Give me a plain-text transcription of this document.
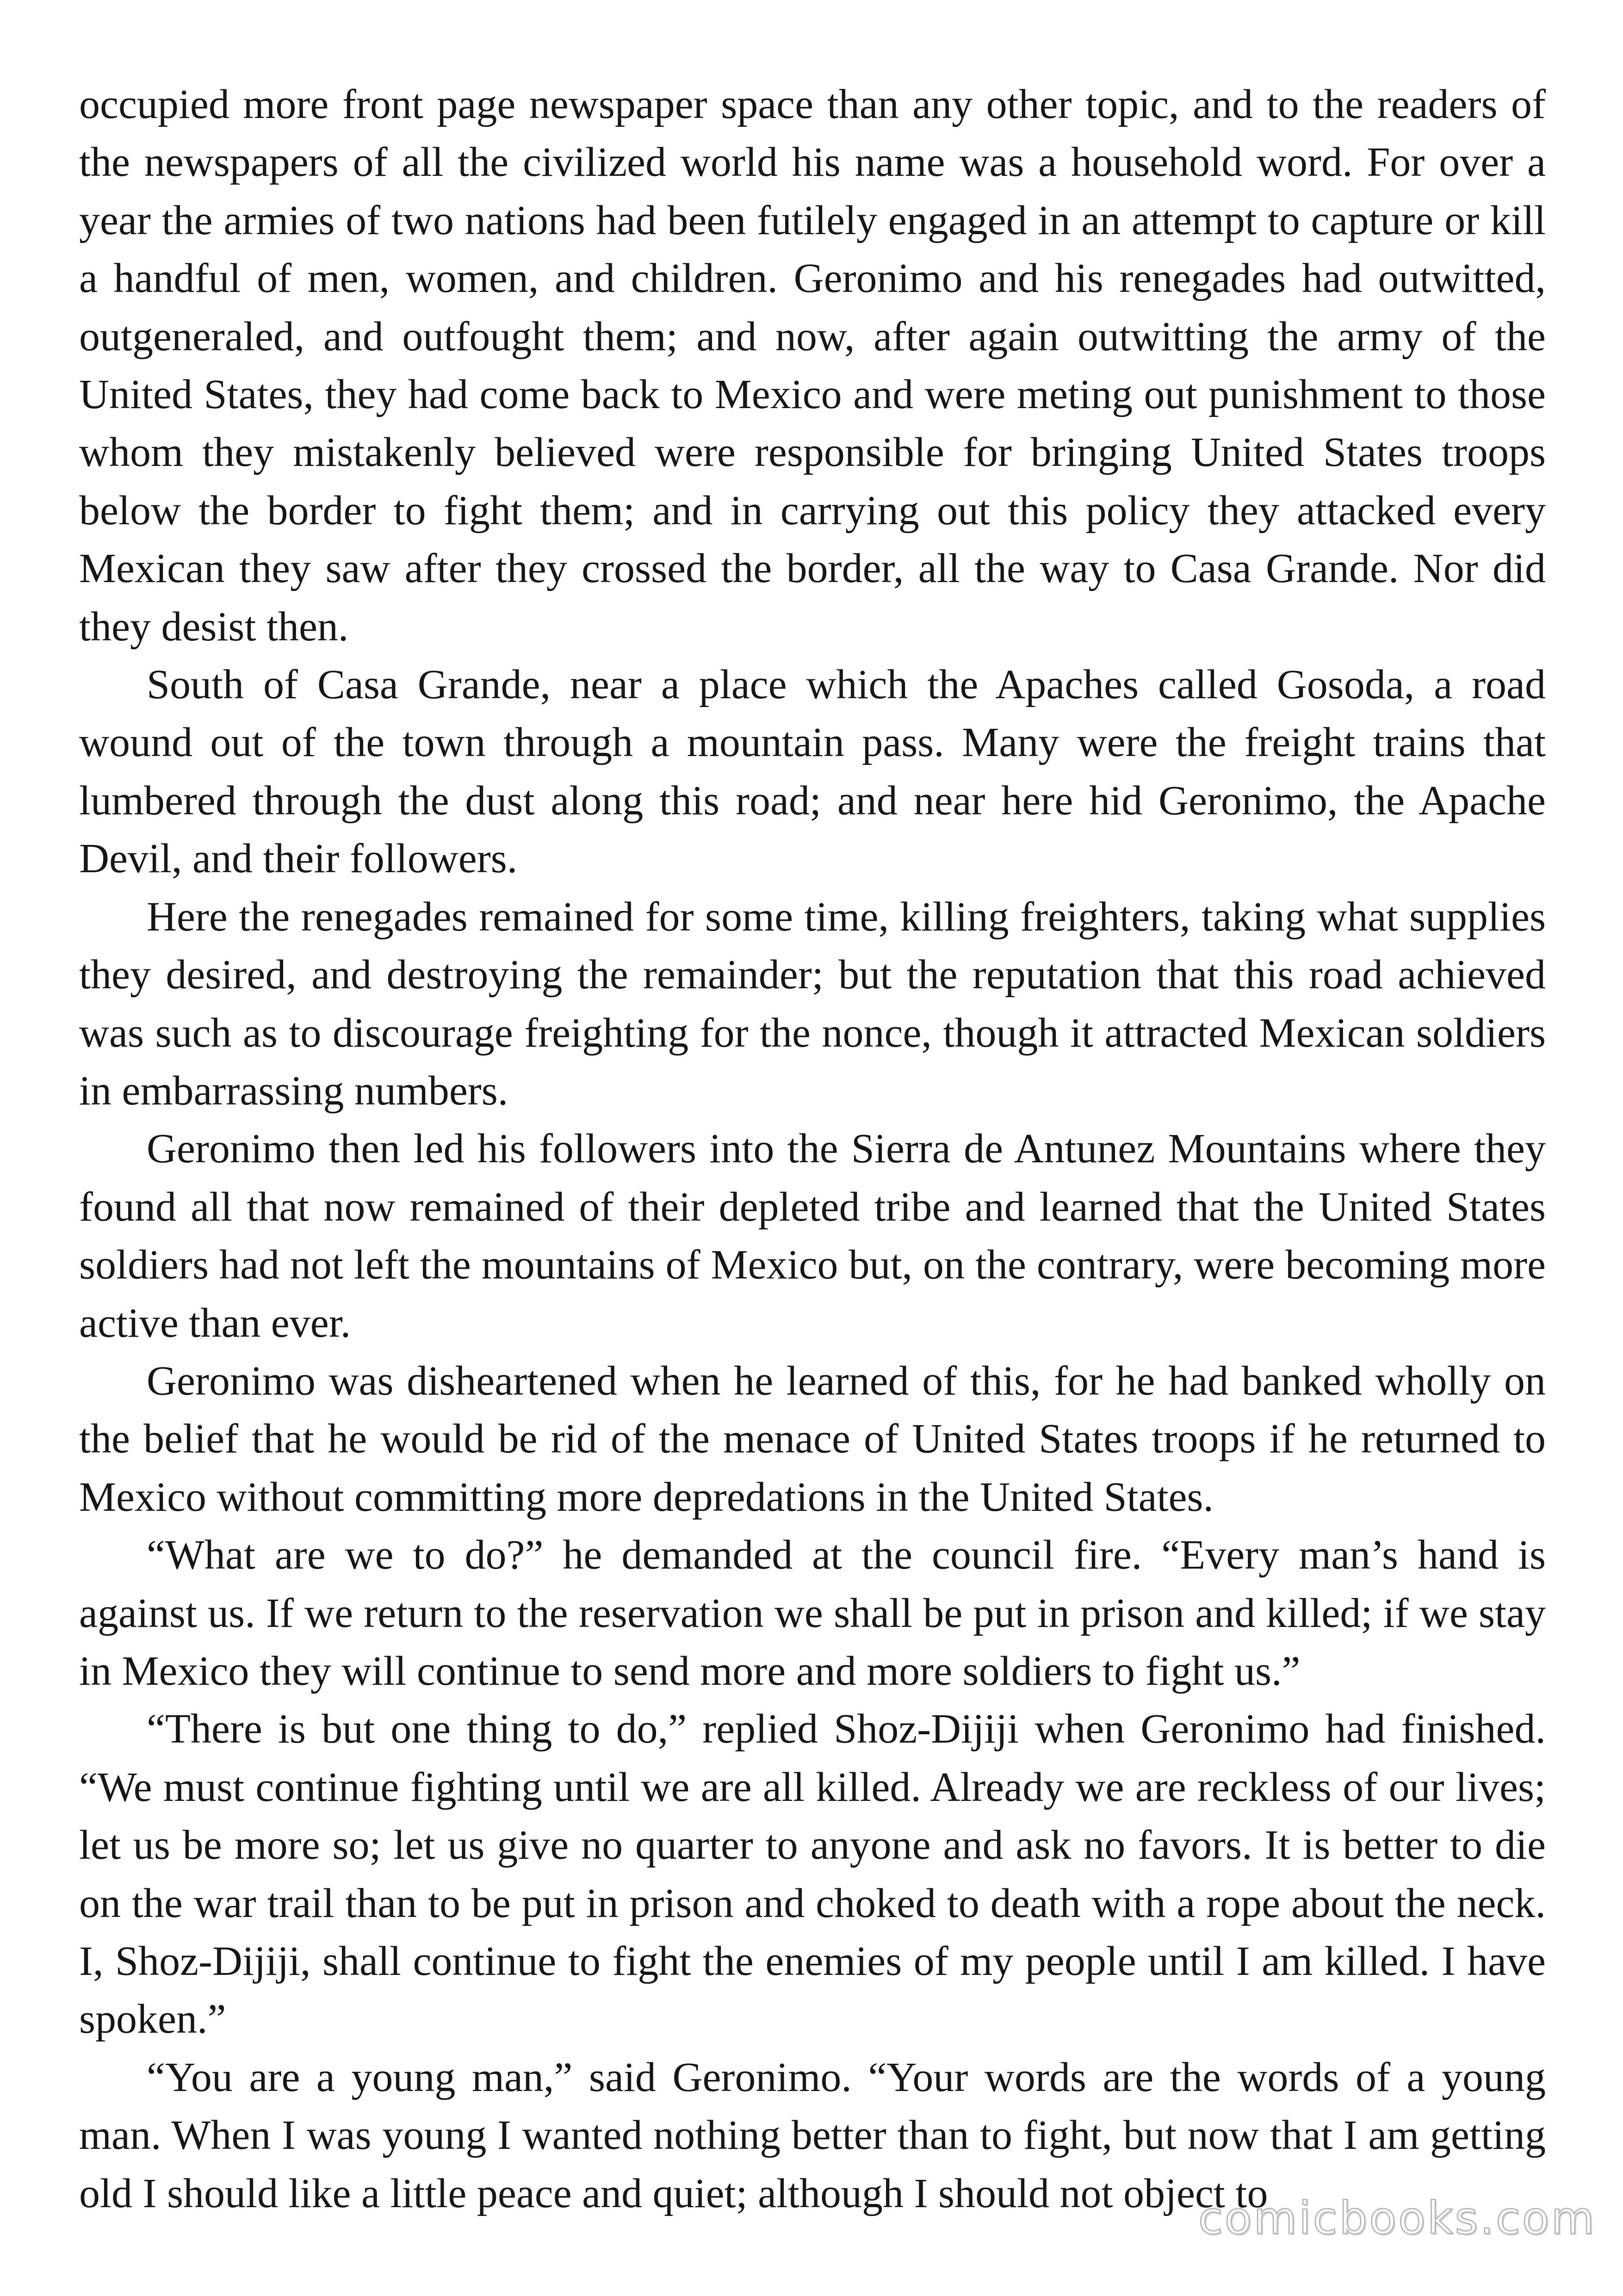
occupied more front page newspaper space than any other topic, and to the readers of the newspapers of all the civilized world his name was a household word. For over a year the armies of two nations had been futilely engaged in an attempt to capture or kill a handful of men, women, and children. Geronimo and his renegades had outwitted, outgeneraled, and outfought them; and now, after again outwitting the army of the United States, they had come back to Mexico and were meting out punishment to those whom they mistakenly believed were responsible for bringing United States troops below the border to fight them; and in carrying out this policy they attacked every Mexican they saw after they crossed the border, all the way to Casa Grande. Nor did they desist then.

South of Casa Grande, near a place which the Apaches called Gosoda, a road wound out of the town through a mountain pass. Many were the freight trains that lumbered through the dust along this road; and near here hid Geronimo, the Apache Devil, and their followers.

Here the renegades remained for some time, killing freighters, taking what supplies they desired, and destroying the remainder; but the reputation that this road achieved was such as to discourage freighting for the nonce, though it attracted Mexican soldiers in embarrassing numbers.

Geronimo then led his followers into the Sierra de Antunez Mountains where they found all that now remained of their depleted tribe and learned that the United States soldiers had not left the mountains of Mexico but, on the contrary, were becoming more active than ever.

Geronimo was disheartened when he learned of this, for he had banked wholly on the belief that he would be rid of the menace of United States troops if he returned to Mexico without committing more depredations in the United States.

“What are we to do?” he demanded at the council fire. “Every man’s hand is against us. If we return to the reservation we shall be put in prison and killed; if we stay in Mexico they will continue to send more and more soldiers to fight us.”

“There is but one thing to do,” replied Shoz-Dijiji when Geronimo had finished. “We must continue fighting until we are all killed. Already we are reckless of our lives; let us be more so; let us give no quarter to anyone and ask no favors. It is better to die on the war trail than to be put in prison and choked to death with a rope about the neck. I, Shoz-Dijiji, shall continue to fight the enemies of my people until I am killed. I have spoken.”

“You are a young man,” said Geronimo. “Your words are the words of a young man. When I was young I wanted nothing better than to fight, but now that I am getting old I should like a little peace and quiet; although I should not object to

comicbooks.com
